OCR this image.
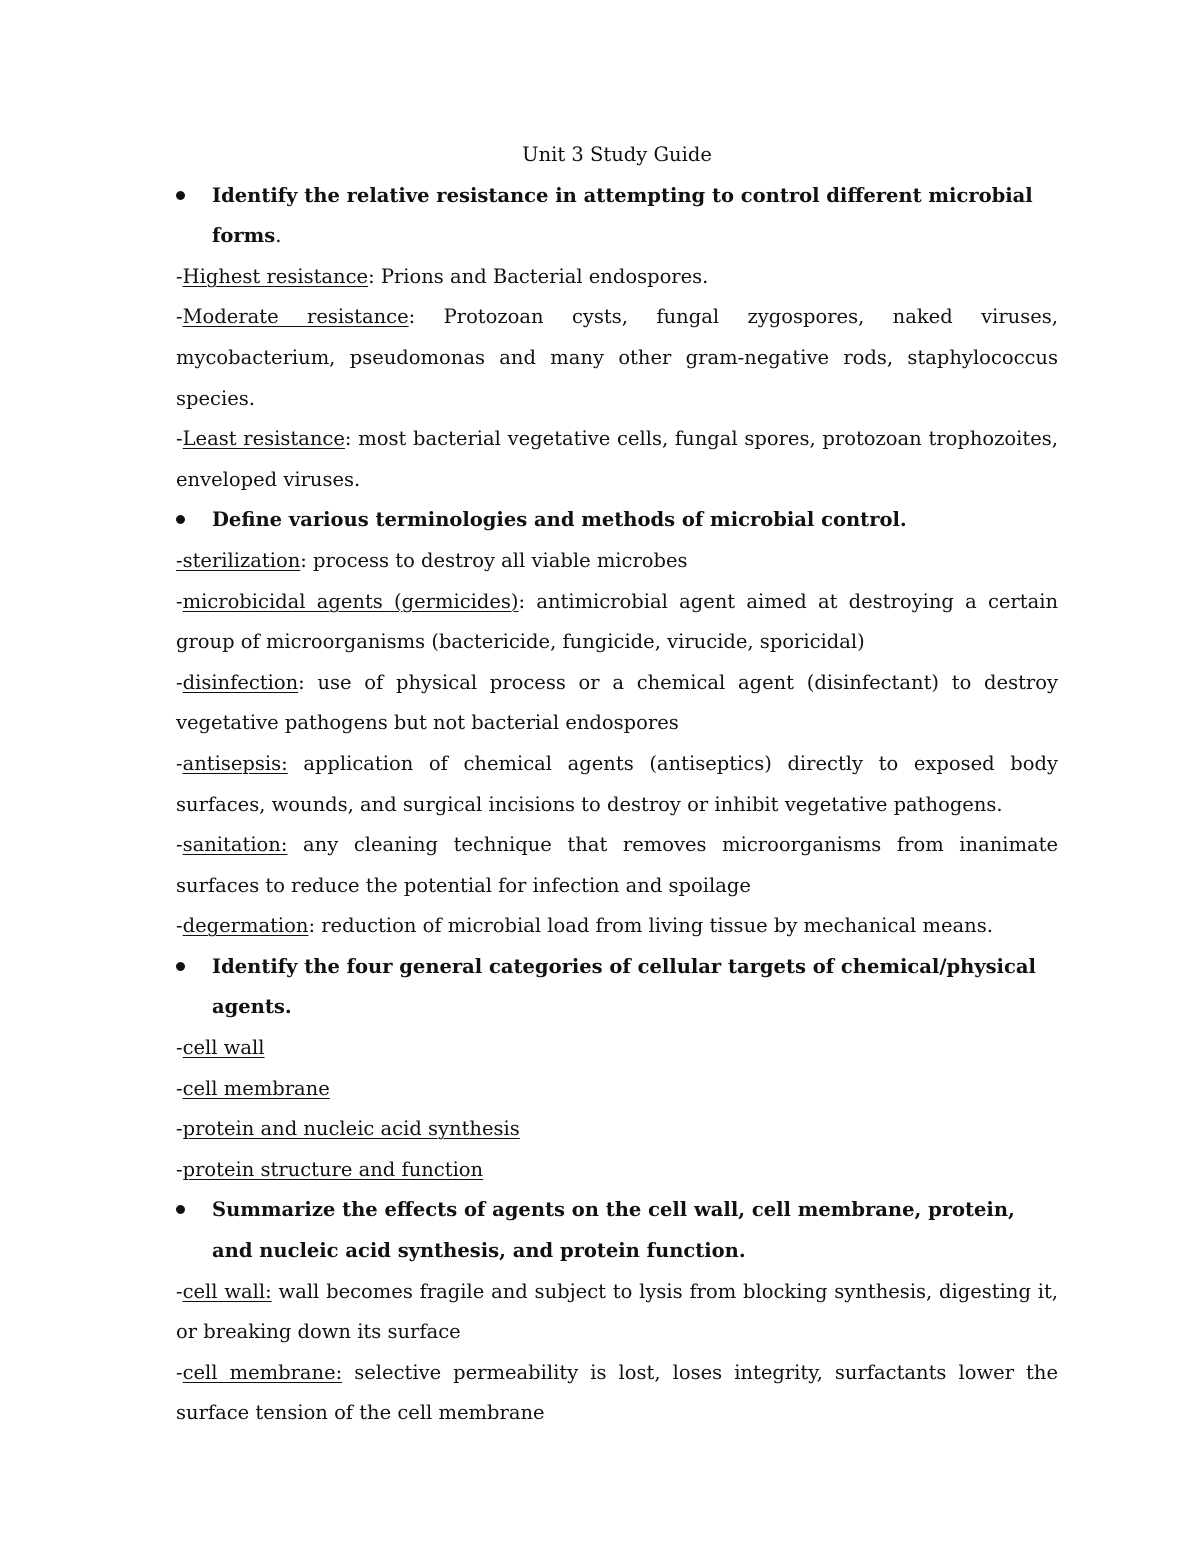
Unit 3 Study Guide

Identify the relative resistance in attempting to control different microbial forms.

-Highest resistance: Prions and Bacterial endospores.

-Moderate resistance: Protozoan cysts, fungal zygospores, naked viruses, mycobacterium, pseudomonas and many other gram-negative rods, staphylococcus species.

-Least resistance: most bacterial vegetative cells, fungal spores, protozoan trophozoites, enveloped viruses.

Define various terminologies and methods of microbial control.

-sterilization: process to destroy all viable microbes

-microbicidal agents (germicides): antimicrobial agent aimed at destroying a certain group of microorganisms (bactericide, fungicide, virucide, sporicidal)

-disinfection: use of physical process or a chemical agent (disinfectant) to destroy vegetative pathogens but not bacterial endospores

-antisepsis: application of chemical agents (antiseptics) directly to exposed body surfaces, wounds, and surgical incisions to destroy or inhibit vegetative pathogens.

-sanitation: any cleaning technique that removes microorganisms from inanimate surfaces to reduce the potential for infection and spoilage

-degermation: reduction of microbial load from living tissue by mechanical means.

Identify the four general categories of cellular targets of chemical/physical agents.

-cell wall

-cell membrane

-protein and nucleic acid synthesis

-protein structure and function

Summarize the effects of agents on the cell wall, cell membrane, protein, and nucleic acid synthesis, and protein function.

-cell wall: wall becomes fragile and subject to lysis from blocking synthesis, digesting it, or breaking down its surface

-cell membrane: selective permeability is lost, loses integrity, surfactants lower the surface tension of the cell membrane
